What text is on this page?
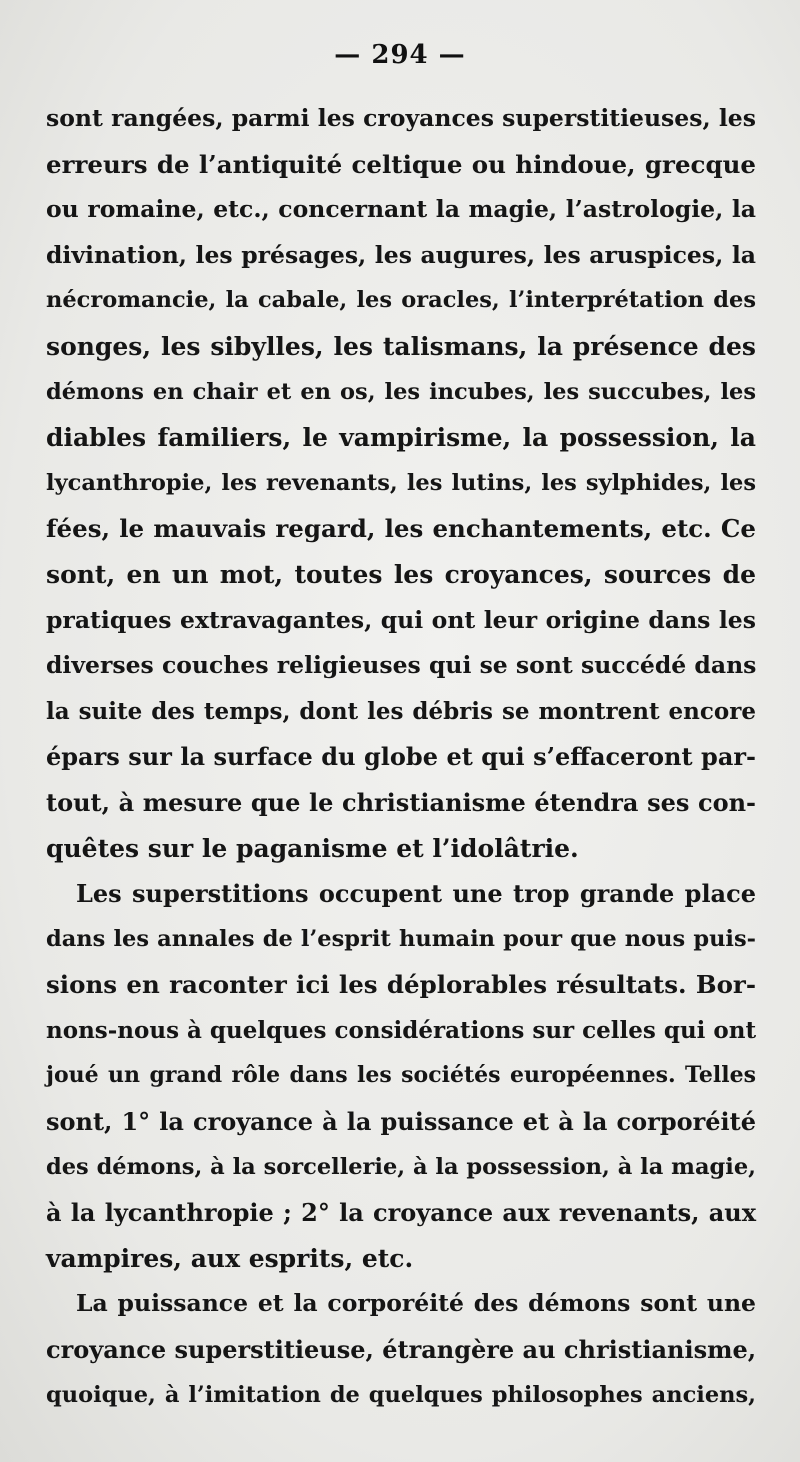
— 294 —
sont rangées, parmi les croyances superstitieuses, les
erreurs de l’antiquité celtique ou hindoue, grecque
ou romaine, etc., concernant la magie, l’astrologie, la
divination, les présages, les augures, les aruspices, la
nécromancie, la cabale, les oracles, l’interprétation des
songes, les sibylles, les talismans, la présence des
démons en chair et en os, les incubes, les succubes, les
diables familiers, le vampirisme, la possession, la
lycanthropie, les revenants, les lutins, les sylphides, les
fées, le mauvais regard, les enchantements, etc. Ce
sont, en un mot, toutes les croyances, sources de
pratiques extravagantes, qui ont leur origine dans les
diverses couches religieuses qui se sont succédé dans
la suite des temps, dont les débris se montrent encore
épars sur la surface du globe et qui s’effaceront par-
tout, à mesure que le christianisme étendra ses con-
quêtes sur le paganisme et l’idolâtrie.
Les superstitions occupent une trop grande place
dans les annales de l’esprit humain pour que nous puis-
sions en raconter ici les déplorables résultats. Bor-
nons-nous à quelques considérations sur celles qui ont
joué un grand rôle dans les sociétés européennes. Telles
sont, 1° la croyance à la puissance et à la corporéité
des démons, à la sorcellerie, à la possession, à la magie,
à la lycanthropie ; 2° la croyance aux revenants, aux
vampires, aux esprits, etc.
La puissance et la corporéité des démons sont une
croyance superstitieuse, étrangère au christianisme,
quoique, à l’imitation de quelques philosophes anciens,
